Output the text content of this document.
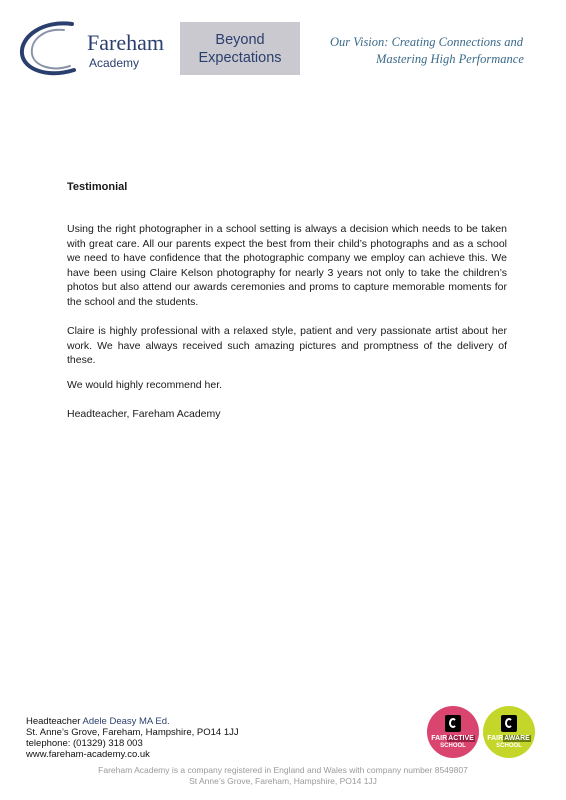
Fareham
Academy
Beyond
Expectations
Our Vision: Creating Connections and
Mastering High Performance
Testimonial

Using the right photographer in a school setting is always a decision which needs to be taken with great care. All our parents expect the best from their child’s photographs and as a school we need to have confidence that the photographic company we employ can achieve this. We have been using Claire Kelson photography for nearly 3 years not only to take the children’s photos but also attend our awards ceremonies and proms to capture memorable moments for the school and the students.

Claire is highly professional with a relaxed style, patient and very passionate artist about her work. We have always received such amazing pictures and promptness of the delivery of these.

We would highly recommend her.

Headteacher, Fareham Academy

Headteacher Adele Deasy MA Ed.
St. Anne’s Grove, Fareham, Hampshire, PO14 1JJ
telephone: (01329) 318 003
www.fareham-academy.co.uk
FAIRACTIVE
SCHOOL
FAIRAWARE
SCHOOL
Fareham Academy is a company registered in England and Wales with company number 8549807
St Anne’s Grove, Fareham, Hampshire, PO14 1JJ
